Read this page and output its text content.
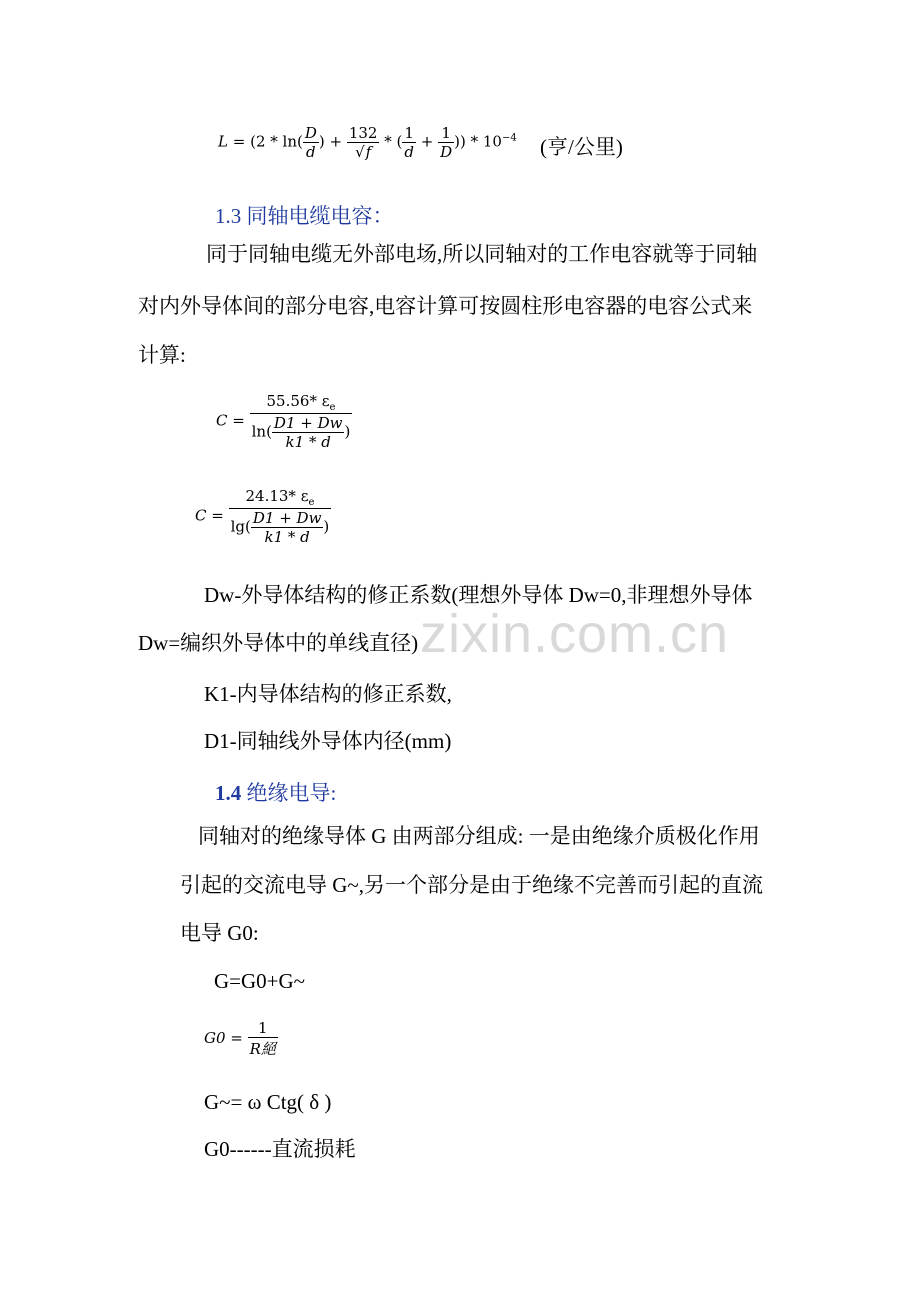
$L = (2 * \ln( \frac{D}{d}$ ) + $\frac{132}{√f}$ * ( $\frac{1}{d} + \frac{1}{D}$ )) * $10^{-4}$ (亨/公里)
1.3 同轴电缆电容：
同于同轴电缆无外部电场,所以同轴对的工作电容就等于同轴
对内外导体间的部分电容,电容计算可按圆柱形电容器的电容公式来
计算:
$C = \frac{55.56* \varepsilon_e}{\ln( \frac{D1 + Dw}{k1 * d} )}$
$C = \frac{24.13* \varepsilon_e}{\lg( \frac{D1 + Dw}{k1 * d} )}$
Dw-外导体结构的修正系数(理想外导体 Dw=0,非理想外导体
Dw=编织外导体中的单线直径) zixin.com.cn
K1-内导体结构的修正系数,
D1-同轴线外导体内径(mm)
1.4 绝缘电导:
同轴对的绝缘导体 G 由两部分组成: 一是由绝缘介质极化作用
引起的交流电导 G~,另一个部分是由于绝缘不完善而引起的直流
电导 G0:
G=G0+G~
$G0 = \frac{1}{\text{R絕}}$
G~= ω Ctg( δ )
G0------直流损耗
